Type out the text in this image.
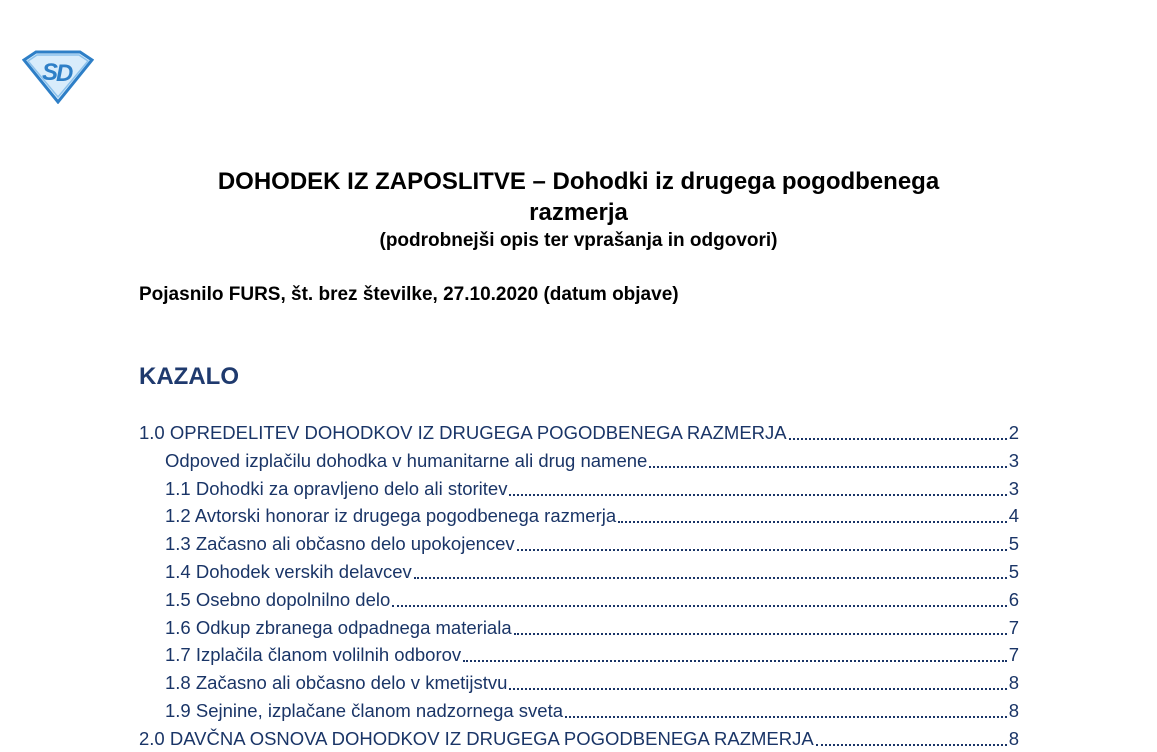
S
D
DOHODEK IZ ZAPOSLITVE – Dohodki iz drugega pogodbenega
razmerja
(podrobnejši opis ter vprašanja in odgovori)
Pojasnilo FURS, št. brez številke, 27.10.2020 (datum objave)
KAZALO
1.0 OPREDELITEV DOHODKOV IZ DRUGEGA POGODBENEGA RAZMERJA	2
Odpoved izplačilu dohodka v humanitarne ali drug namene	3
1.1 Dohodki za opravljeno delo ali storitev	3
1.2 Avtorski honorar iz drugega pogodbenega razmerja	4
1.3 Začasno ali občasno delo upokojencev	5
1.4 Dohodek verskih delavcev	5
1.5 Osebno dopolnilno delo	6
1.6 Odkup zbranega odpadnega materiala	7
1.7 Izplačila članom volilnih odborov	7
1.8 Začasno ali občasno delo v kmetijstvu	8
1.9 Sejnine, izplačane članom nadzornega sveta	8
2.0 DAVČNA OSNOVA DOHODKOV IZ DRUGEGA POGODBENEGA RAZMERJA	8
